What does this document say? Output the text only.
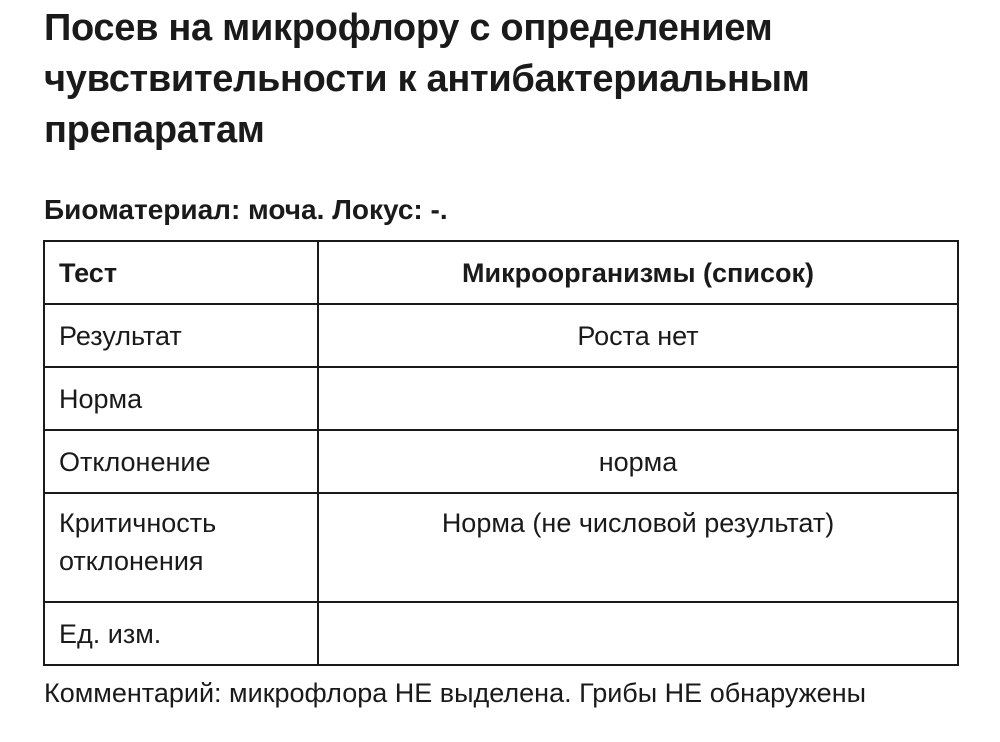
Посев на микрофлору с определением чувствительности к антибактериальным препаратам

Биоматериал: моча. Локус: -.

Тест	Микроорганизмы (список)
Результат	Роста нет
Норма	
Отклонение	норма
Критичность отклонения	Норма (не числовой результат)
Ед. изм.	

Комментарий: микрофлора НЕ выделена. Грибы НЕ обнаружены
